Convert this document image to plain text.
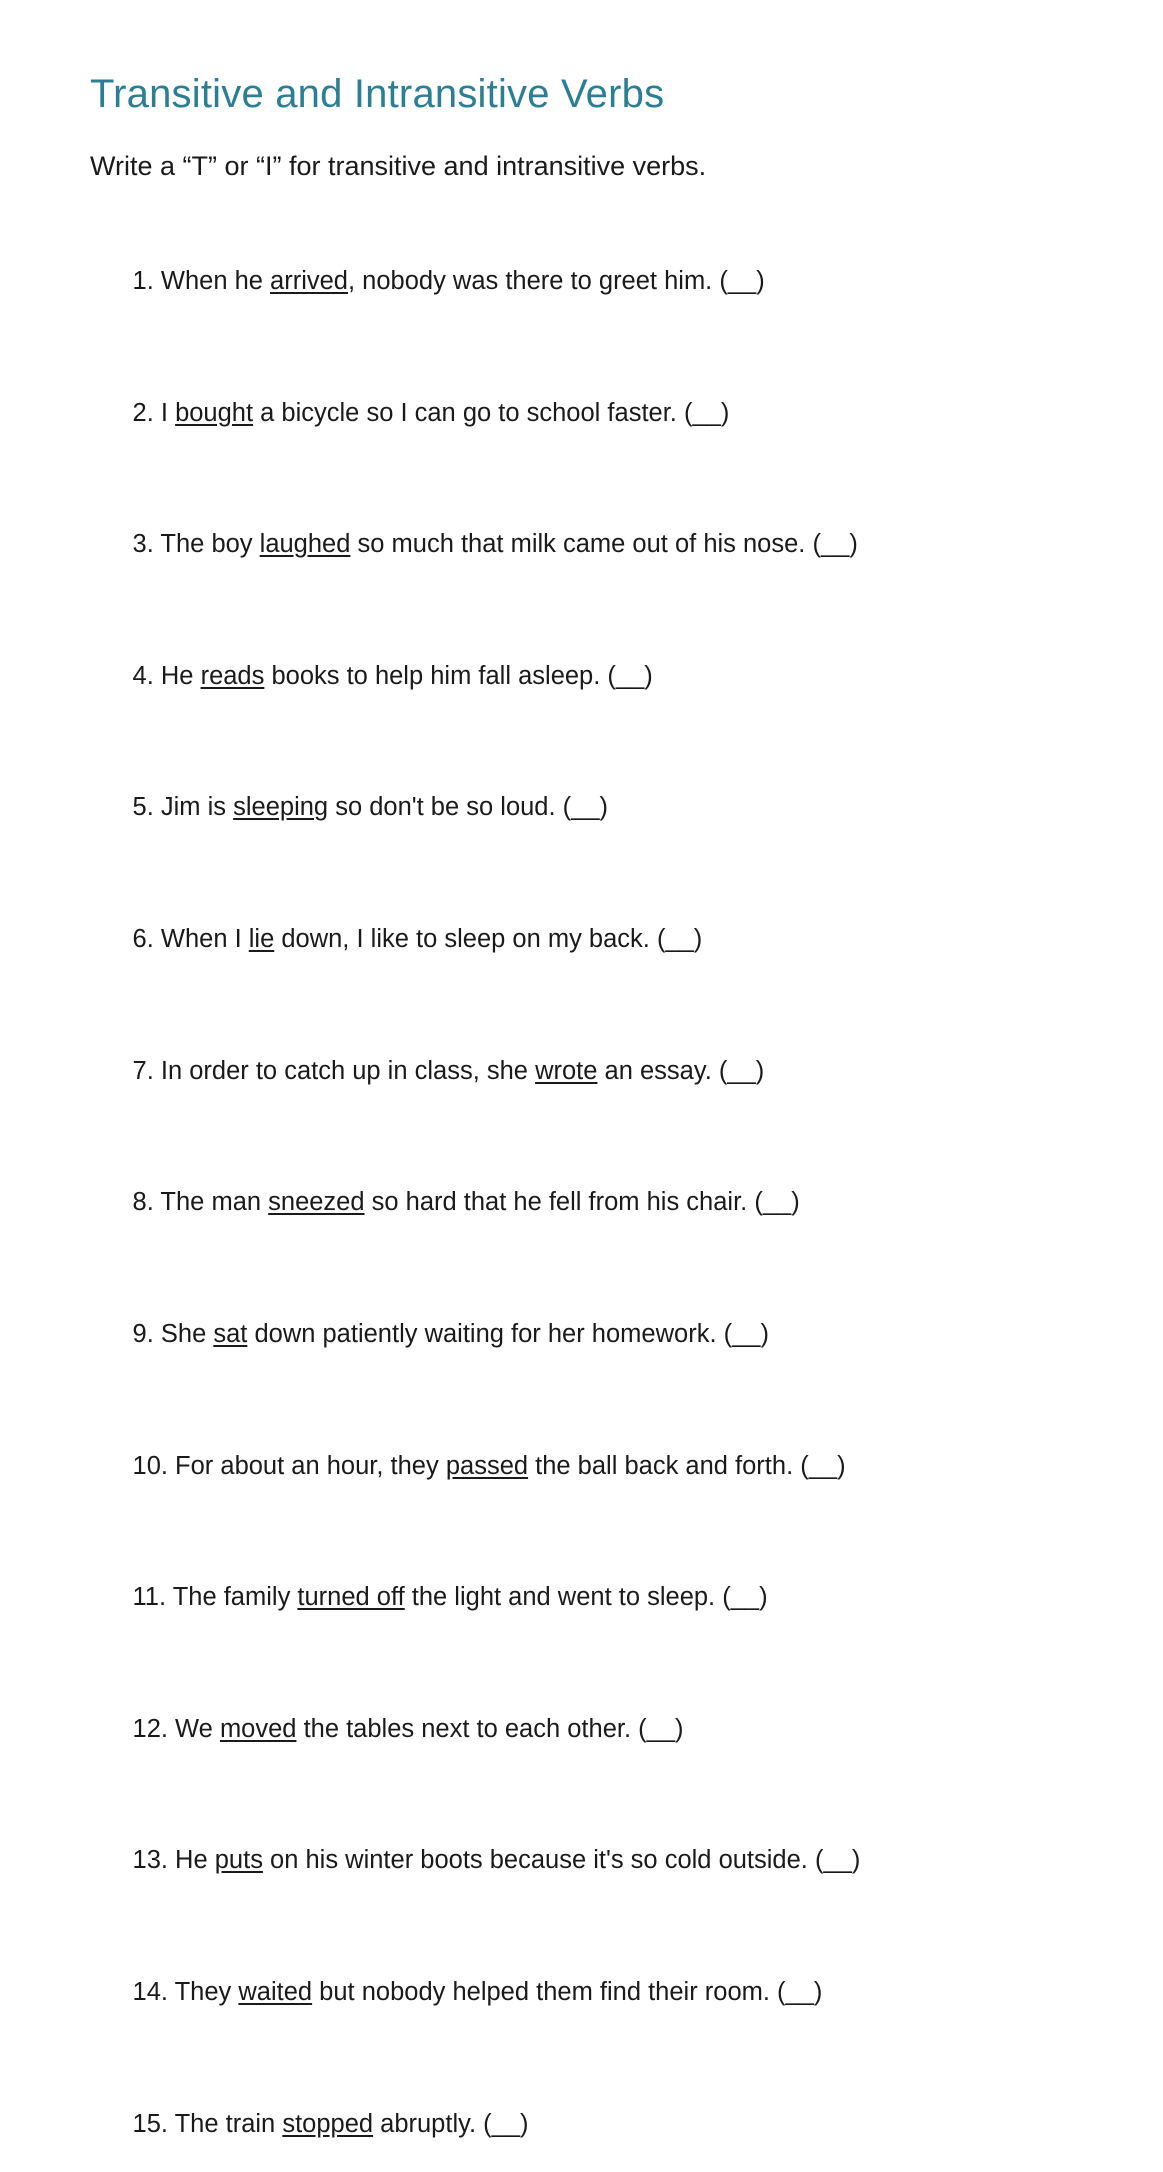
Transitive and Intransitive Verbs

Write a “T” or “I” for transitive and intransitive verbs.

1. When he arrived, nobody was there to greet him. (__)

2. I bought a bicycle so I can go to school faster. (__)

3. The boy laughed so much that milk came out of his nose. (__)

4. He reads books to help him fall asleep. (__)

5. Jim is sleeping so don't be so loud. (__)

6. When I lie down, I like to sleep on my back. (__)

7. In order to catch up in class, she wrote an essay. (__)

8. The man sneezed so hard that he fell from his chair. (__)

9. She sat down patiently waiting for her homework. (__)

10. For about an hour, they passed the ball back and forth. (__)

11. The family turned off the light and went to sleep. (__)

12. We moved the tables next to each other. (__)

13. He puts on his winter boots because it's so cold outside. (__)

14. They waited but nobody helped them find their room. (__)

15. The train stopped abruptly. (__)
